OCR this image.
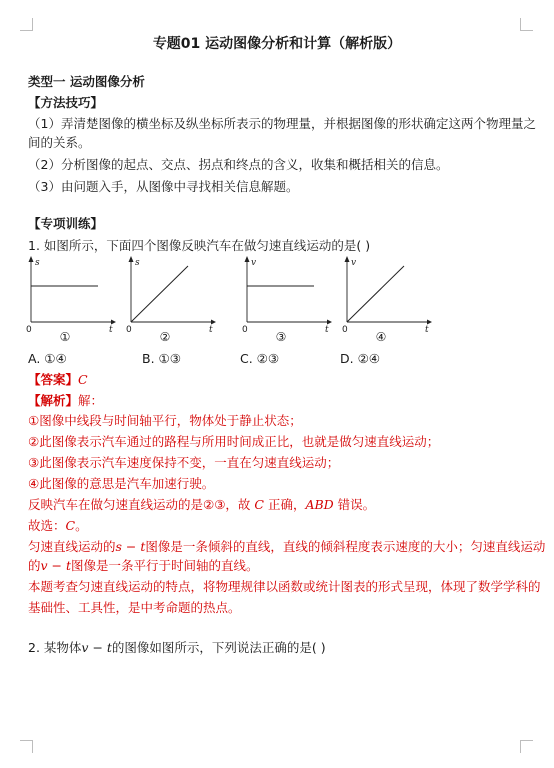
专题01 运动图像分析和计算（解析版）
类型一 运动图像分析
【方法技巧】
（1）弄清楚图像的横坐标及纵坐标所表示的物理量，并根据图像的形状确定这两个物理量之
间的关系。
（2）分析图像的起点、交点、拐点和终点的含义，收集和概括相关的信息。
（3）由问题入手，从图像中寻找相关信息解题。
【专项训练】
1. 如图所示，下面四个图像反映汽车在做匀速直线运动的是( )
s
t
0
s
t
0
v
t
0
v
t
0
①	②	③	④
A. ①④	B. ①③	C. ②③	D. ②④
【答案】C
【解析】解：
①图像中线段与时间轴平行，物体处于静止状态；
②此图像表示汽车通过的路程与所用时间成正比，也就是做匀速直线运动；
③此图像表示汽车速度保持不变，一直在匀速直线运动；
④此图像的意思是汽车加速行驶。
反映汽车在做匀速直线运动的是②③，故 C 正确，ABD 错误。
故选：C。
匀速直线运动的s − t图像是一条倾斜的直线，直线的倾斜程度表示速度的大小；匀速直线运动
的v − t图像是一条平行于时间轴的直线。
本题考查匀速直线运动的特点，将物理规律以函数或统计图表的形式呈现，体现了数学学科的
基础性、工具性，是中考命题的热点。
2. 某物体v − t的图像如图所示，下列说法正确的是( )
